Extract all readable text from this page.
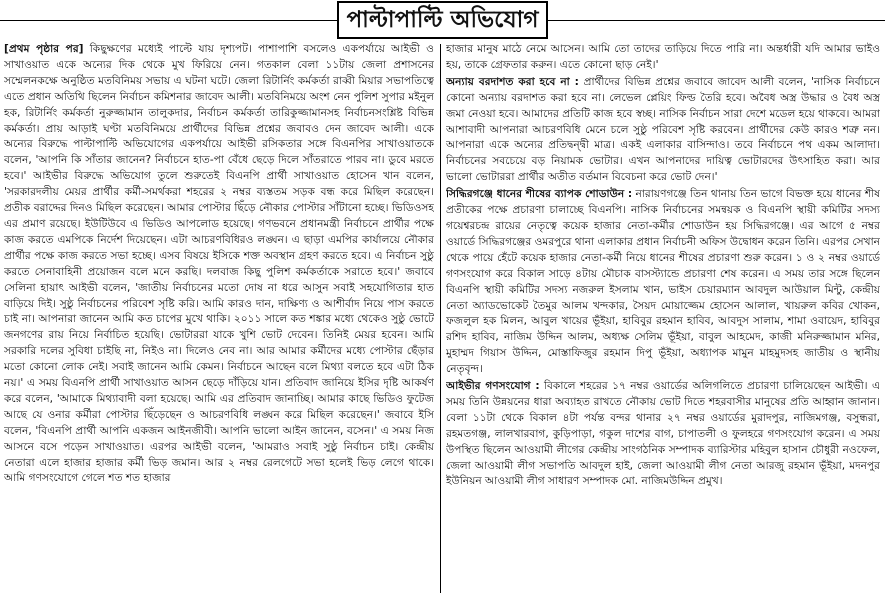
পাল্টাপাল্টি অভিযোগ

[প্রথম পৃষ্ঠার পর] কিছুক্ষণের মধ্যেই পাল্টে যায় দৃশ্যপট। পাশাপাশি বসলেও একপর্যায়ে আইভী ও সাখাওয়াত একে অন্যের দিক থেকে মুখ ফিরিয়ে নেন। গতকাল বেলা ১১টায় জেলা প্রশাসনের সম্মেলনকক্ষে অনুষ্ঠিত মতবিনিময় সভায় এ ঘটনা ঘটে। জেলা রিটার্নিং কর্মকর্তা রাব্বী মিয়ার সভাপতিত্বে এতে প্রধান অতিথি ছিলেন নির্বাচন কমিশনার জাবেদ আলী। মতবিনিময়ে অংশ নেন পুলিশ সুপার মইনুল হক, রিটার্নিং কর্মকর্তা নুরুজ্জামান তালুকদার, নির্বাচন কর্মকর্তা তারিকুজ্জামানসহ নির্বাচনসংশ্লিষ্ট বিভিন্ন কর্মকর্তা। প্রায় আড়াই ঘণ্টা মতবিনিময়ে প্রার্থীদের বিভিন্ন প্রশ্নের জবাবও দেন জাবেদ আলী। একে অন্যের বিরুদ্ধে পাল্টাপাল্টি অভিযোগের একপর্যায়ে আইভী রসিকতার সঙ্গে বিএনপির সাখাওয়াতকে বলেন, 'আপনি কি সাঁতার জানেন? নির্বাচনে হাত-পা বেঁধে ছেড়ে দিলে সাঁতরাতে পারব না। ডুবে মরতে হবে।' আইভীর বিরুদ্ধে অভিযোগ তুলে শুরুতেই বিএনপি প্রার্থী সাখাওয়াত হোসেন খান বলেন, 'সরকারদলীয় মেয়র প্রার্থীর কর্মী-সমর্থকরা শহরের ২ নম্বর ব্যস্ততম সড়ক বন্ধ করে মিছিল করেছেন। প্রতীক বরাদ্দের দিনও মিছিল করেছেন। আমার পোস্টার ছিঁড়ে নৌকার পোস্টার সাঁটানো হচ্ছে। ভিডিওসহ এর প্রমাণ রয়েছে। ইউটিউবে এ ভিডিও আপলোড হয়েছে। গণভবনে প্রধানমন্ত্রী নির্বাচনে প্রার্থীর পক্ষে কাজ করতে এমপিকে নির্দেশ দিয়েছেন। এটা আচরণবিধিরও লঙ্ঘন। এ ছাড়া এমপির কার্যালয়ে নৌকার প্রার্থীর পক্ষে কাজ করতে সভা হচ্ছে। এসব বিষয়ে ইসিকে শক্ত অবস্থান গ্রহণ করতে হবে। এ নির্বাচন সুষ্ঠু করতে সেনাবাহিনী প্রয়োজন বলে মনে করছি। দলবাজ কিছু পুলিশ কর্মকর্তাকে সরাতে হবে।' জবাবে সেলিনা হায়াৎ আইভী বলেন, 'জাতীয় নির্বাচনের মতো দোষ না ধরে আসুন সবাই সহযোগিতার হাত বাড়িয়ে দিই। সুষ্ঠু নির্বাচনের পরিবেশ সৃষ্টি করি। আমি কারও দান, দাক্ষিণ্য ও আশীর্বাদ নিয়ে পাস করতে চাই না। আপনারা জানেন আমি কত চাপের মুখে থাকি। ২০১১ সালে কত শঙ্কার মধ্যে থেকেও সুষ্ঠু ভোটে জনগণের রায় নিয়ে নির্বাচিত হয়েছি। ভোটাররা যাকে খুশি ভোট দেবেন। তিনিই মেয়র হবেন। আমি সরকারি দলের সুবিধা চাইছি না, নিইও না। দিলেও নেব না। আর আমার কর্মীদের মধ্যে পোস্টার ছেঁড়ার মতো কোনো লোক নেই। সবাই জানেন আমি কেমন। নির্বাচনে আছেন বলে মিথ্যা বলতে হবে এটা ঠিক নয়।' এ সময় বিএনপি প্রার্থী সাখাওয়াত আসন ছেড়ে দাঁড়িয়ে যান। প্রতিবাদ জানিয়ে ইসির দৃষ্টি আকর্ষণ করে বলেন, 'আমাকে মিথ্যাবাদী বলা হয়েছে। আমি এর প্রতিবাদ জানাচ্ছি। আমার কাছে ভিডিও ফুটেজ আছে যে ওনার কর্মীরা পোস্টার ছিঁড়েছেন ও আচরণবিধি লঙ্ঘন করে মিছিল করেছেন।' জবাবে ইসি বলেন, 'বিএনপি প্রার্থী আপনি একজন আইনজীবী। আপনি ভালো আইন জানেন, বসেন।' এ সময় নিজ আসনে বসে পড়েন সাখাওয়াত। এরপর আইভী বলেন, 'আমরাও সবাই সুষ্ঠু নির্বাচন চাই। কেন্দ্রীয় নেতারা এলে হাজার হাজার কর্মী ভিড় জমান। আর ২ নম্বর রেলগেটে সভা হলেই ভিড় লেগে থাকে। আমি গণসংযোগে গেলে শত শত হাজার

হাজার মানুষ মাঠে নেমে আসেন। আমি তো তাদের তাড়িয়ে দিতে পারি না। অন্তর্ধারী যদি আমার ভাইও হয়, তাকে গ্রেফতার করুন। এতে কোনো ছাড় নেই।'

অন্যায় বরদাশত করা হবে না : প্রার্থীদের বিভিন্ন প্রশ্নের জবাবে জাবেদ আলী বলেন, 'নাসিক নির্বাচনে কোনো অন্যায় বরদাশত করা হবে না। লেভেল প্লেয়িং ফিল্ড তৈরি হবে। অবৈধ অস্ত্র উদ্ধার ও বৈধ অস্ত্র জমা নেওয়া হবে। আমাদের প্রতিটি কাজ হবে স্বচ্ছ। নাসিক নির্বাচন সারা দেশে মডেল হয়ে থাকবে। আমরা আশাবাদী আপনারা আচরণবিধি মেনে চলে সুষ্ঠু পরিবেশ সৃষ্টি করবেন। প্রার্থীদের কেউ কারও শত্রু নন। আপনারা একে অন্যের প্রতিদ্বন্দ্বী মাত্র। একই এলাকার বাসিন্দাও। তবে নির্বাচনে পথ একম আলাদা। নির্বাচনের সবচেয়ে বড় নিয়ামক ভোটার। এখন আপনাদের দায়িত্ব ভোটারদের উৎসাহিত করা। আর ভালো ভোটাররা প্রার্থীর অতীত বর্তমান বিবেচনা করে ভোট দেন।'

সিদ্ধিরগঞ্জে ধানের শীষের ব্যাপক শোডাউন : নারায়ণগঞ্জে তিন থানায় তিন ভাগে বিভক্ত হয়ে ধানের শীষ প্রতীকের পক্ষে প্রচারণা চালাচ্ছে বিএনপি। নাসিক নির্বাচনের সমন্বয়ক ও বিএনপি স্থায়ী কমিটির সদস্য গয়েশ্বরচন্দ্র রায়ের নেতৃত্বে কয়েক হাজার নেতা-কর্মীর শোডাউন হয় সিদ্ধিরগঞ্জে। এর আগে ৫ নম্বর ওয়ার্ডে সিদ্ধিরগঞ্জের ওমরপুরে থানা এলাকার প্রধান নির্বাচনী অফিস উদ্বোধন করেন তিনি। এরপর সেখান থেকে পায়ে হেঁটে কয়েক হাজার নেতা-কর্মী নিয়ে ধানের শীষের প্রচারণা শুরু করেন। ১ ও ২ নম্বর ওয়ার্ডে গণসংযোগ করে বিকাল সাড়ে ৪টায় মৌচাক বাসস্ট্যান্ডে প্রচারণা শেষ করেন। এ সময় তার সঙ্গে ছিলেন বিএনপি স্থায়ী কমিটির সদস্য নজরুল ইসলাম খান, ভাইস চেয়ারম্যান আবদুল আউয়াল মিন্টু, কেন্দ্রীয় নেতা অ্যাডভোকেট তৈমুর আলম খন্দকার, সৈয়দ মোয়াজ্জেম হোসেন আলাল, খায়রুল কবির খোকন, ফজলুল হক মিলন, আবুল খায়ের ভূঁইয়া, হাবিবুর রহমান হাবিব, আবদুস সালাম, শামা ওবায়েদ, হাবিবুর রশিদ হাবিব, নাজিম উদ্দিন আলম, অধ্যক্ষ সেলিম ভূঁইয়া, বাবুল আহমেদ, কাজী মনিরুজ্জামান মনির, মুহাম্মদ গিয়াস উদ্দিন, মোস্তাফিজুর রহমান দিপু ভূঁইয়া, অধ্যাপক মামুন মাহমুদসহ জাতীয় ও স্থানীয় নেতৃবৃন্দ।

আইভীর গণসংযোগ : বিকালে শহরের ১৭ নম্বর ওয়ার্ডের অলিগলিতে প্রচারণা চালিয়েছেন আইভী। এ সময় তিনি উন্নয়নের ধারা অব্যাহত রাখতে নৌকায় ভোট দিতে শহরবাসীর মানুষের প্রতি আহ্বান জানান। বেলা ১১টা থেকে বিকাল ৪টা পর্যন্ত বন্দর থানার ২৭ নম্বর ওয়ার্ডের মুরাদপুর, নাজিমগঞ্জ, বসুন্ধরা, রহমতগঞ্জ, লালখারবাগ, কুড়িপাড়া, গকুল দাশের বাগ, চাপাতলী ও ফুলহরে গণসংযোগ করেন। এ সময় উপস্থিত ছিলেন আওয়ামী লীগের কেন্দ্রীয় সাংগঠনিক সম্পাদক ব্যারিস্টার মহিবুল হাসান চৌধুরী নওফেল, জেলা আওয়ামী লীগ সভাপতি আবদুল হাই, জেলা আওয়ামী লীগ নেতা আরজু রহমান ভূঁইয়া, মদনপুর ইউনিয়ন আওয়ামী লীগ সাধারণ সম্পাদক মো. নাজিমউদ্দিন প্রমুখ।
